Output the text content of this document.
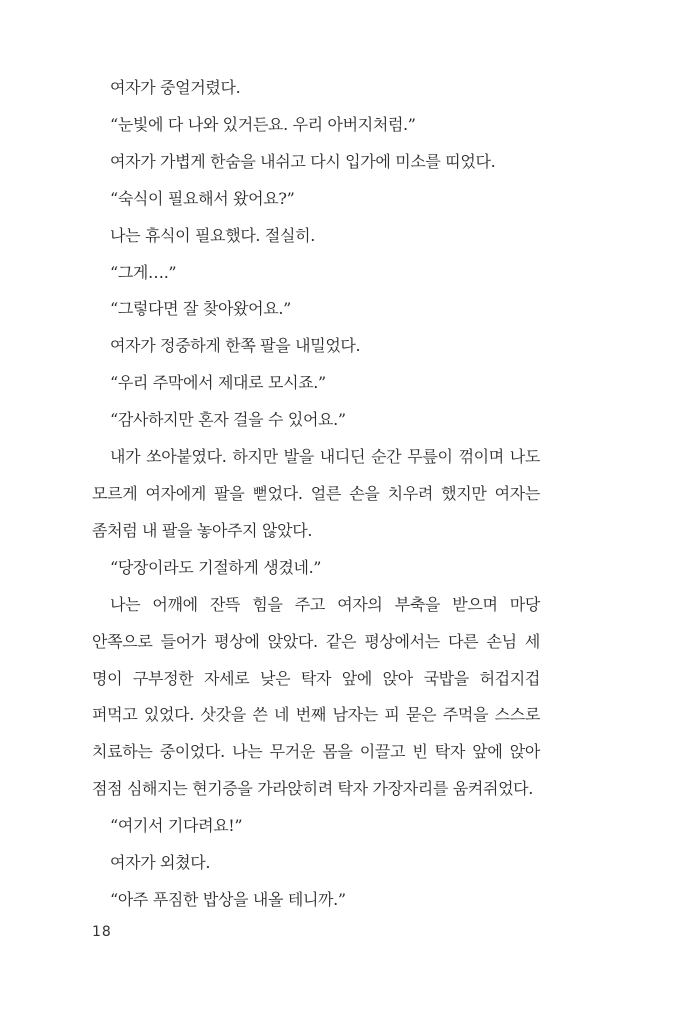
여자가 중얼거렸다.

“눈빛에 다 나와 있거든요. 우리 아버지처럼.”

여자가 가볍게 한숨을 내쉬고 다시 입가에 미소를 띠었다.

“숙식이 필요해서 왔어요?”

나는 휴식이 필요했다. 절실히.

“그게….”

“그렇다면 잘 찾아왔어요.”

여자가 정중하게 한쪽 팔을 내밀었다.

“우리 주막에서 제대로 모시죠.”

“감사하지만 혼자 걸을 수 있어요.”

내가 쏘아붙였다. 하지만 발을 내디딘 순간 무릎이 꺾이며 나도 모르게 여자에게 팔을 뻗었다. 얼른 손을 치우려 했지만 여자는 좀처럼 내 팔을 놓아주지 않았다.

“당장이라도 기절하게 생겼네.”

나는 어깨에 잔뜩 힘을 주고 여자의 부축을 받으며 마당 안쪽으로 들어가 평상에 앉았다. 같은 평상에서는 다른 손님 세 명이 구부정한 자세로 낮은 탁자 앞에 앉아 국밥을 허겁지겁 퍼먹고 있었다. 삿갓을 쓴 네 번째 남자는 피 묻은 주먹을 스스로 치료하는 중이었다. 나는 무거운 몸을 이끌고 빈 탁자 앞에 앉아 점점 심해지는 현기증을 가라앉히려 탁자 가장자리를 움켜쥐었다.

“여기서 기다려요!”

여자가 외쳤다.

“아주 푸짐한 밥상을 내올 테니까.”

18
